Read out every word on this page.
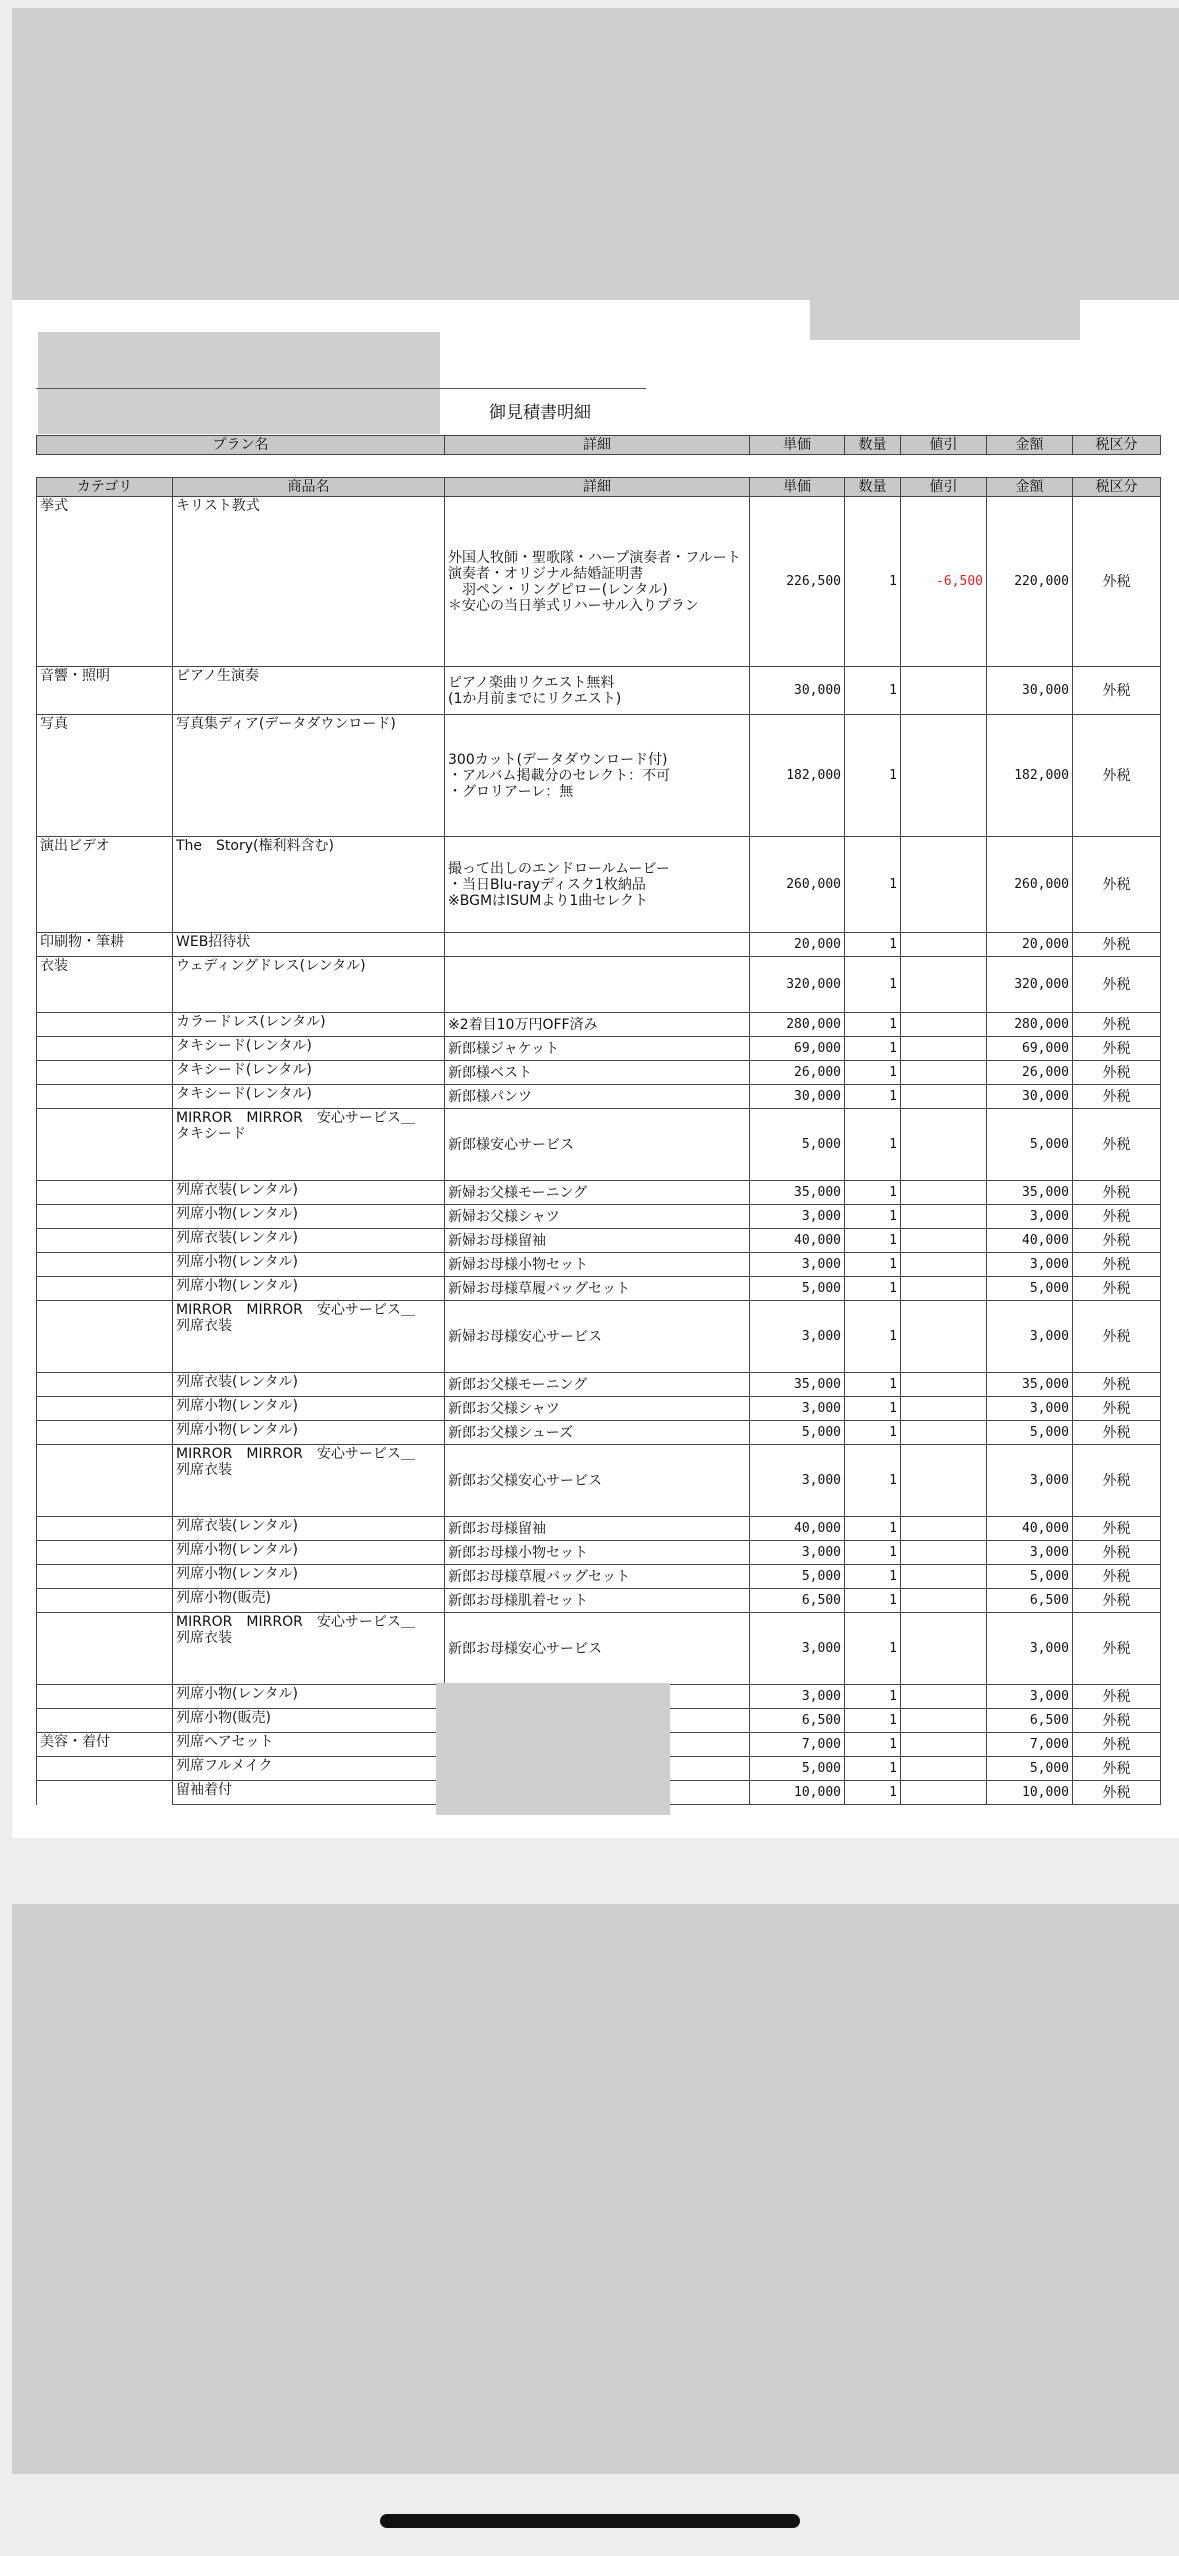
御見積書明細
プラン名	詳細	単価	数量	値引	金額	税区分
カテゴリ	商品名	詳細	単価	数量	値引	金額	税区分
挙式	キリスト教式	外国人牧師・聖歌隊・ハープ演奏者・フルート
演奏者・オリジナル結婚証明書
　羽ペン・リングピロー(レンタル)
＊安心の当日挙式リハーサル入りプラン	226,500	1	-6,500	220,000	外税
音響・照明	ピアノ生演奏	ピアノ楽曲リクエスト無料
(1か月前までにリクエスト)	30,000	1		30,000	外税
写真	写真集ディア(データダウンロード)	300カット(データダウンロード付)
・アルバム掲載分のセレクト：不可
・グロリアーレ：無	182,000	1		182,000	外税
演出ビデオ	The　Story(権利料含む)	撮って出しのエンドロールムービー
・当日Blu-rayディスク1枚納品
※BGMはISUMより1曲セレクト	260,000	1		260,000	外税
印刷物・筆耕	WEB招待状		20,000	1		20,000	外税
衣装	ウェディングドレス(レンタル)		320,000	1		320,000	外税
	カラードレス(レンタル)	※2着目10万円OFF済み	280,000	1		280,000	外税
	タキシード(レンタル)	新郎様ジャケット	69,000	1		69,000	外税
	タキシード(レンタル)	新郎様ベスト	26,000	1		26,000	外税
	タキシード(レンタル)	新郎様パンツ	30,000	1		30,000	外税
	MIRROR　MIRROR　安心サービス＿
タキシード	新郎様安心サービス	5,000	1		5,000	外税
	列席衣装(レンタル)	新婦お父様モーニング	35,000	1		35,000	外税
	列席小物(レンタル)	新婦お父様シャツ	3,000	1		3,000	外税
	列席衣装(レンタル)	新婦お母様留袖	40,000	1		40,000	外税
	列席小物(レンタル)	新婦お母様小物セット	3,000	1		3,000	外税
	列席小物(レンタル)	新婦お母様草履バッグセット	5,000	1		5,000	外税
	MIRROR　MIRROR　安心サービス＿
列席衣装	新婦お母様安心サービス	3,000	1		3,000	外税
	列席衣装(レンタル)	新郎お父様モーニング	35,000	1		35,000	外税
	列席小物(レンタル)	新郎お父様シャツ	3,000	1		3,000	外税
	列席小物(レンタル)	新郎お父様シューズ	5,000	1		5,000	外税
	MIRROR　MIRROR　安心サービス＿
列席衣装	新郎お父様安心サービス	3,000	1		3,000	外税
	列席衣装(レンタル)	新郎お母様留袖	40,000	1		40,000	外税
	列席小物(レンタル)	新郎お母様小物セット	3,000	1		3,000	外税
	列席小物(レンタル)	新郎お母様草履バッグセット	5,000	1		5,000	外税
	列席小物(販売)	新郎お母様肌着セット	6,500	1		6,500	外税
	MIRROR　MIRROR　安心サービス＿
列席衣装	新郎お母様安心サービス	3,000	1		3,000	外税
	列席小物(レンタル)		3,000	1		3,000	外税
	列席小物(販売)		6,500	1		6,500	外税
美容・着付	列席ヘアセット		7,000	1		7,000	外税
	列席フルメイク		5,000	1		5,000	外税
	留袖着付		10,000	1		10,000	外税
